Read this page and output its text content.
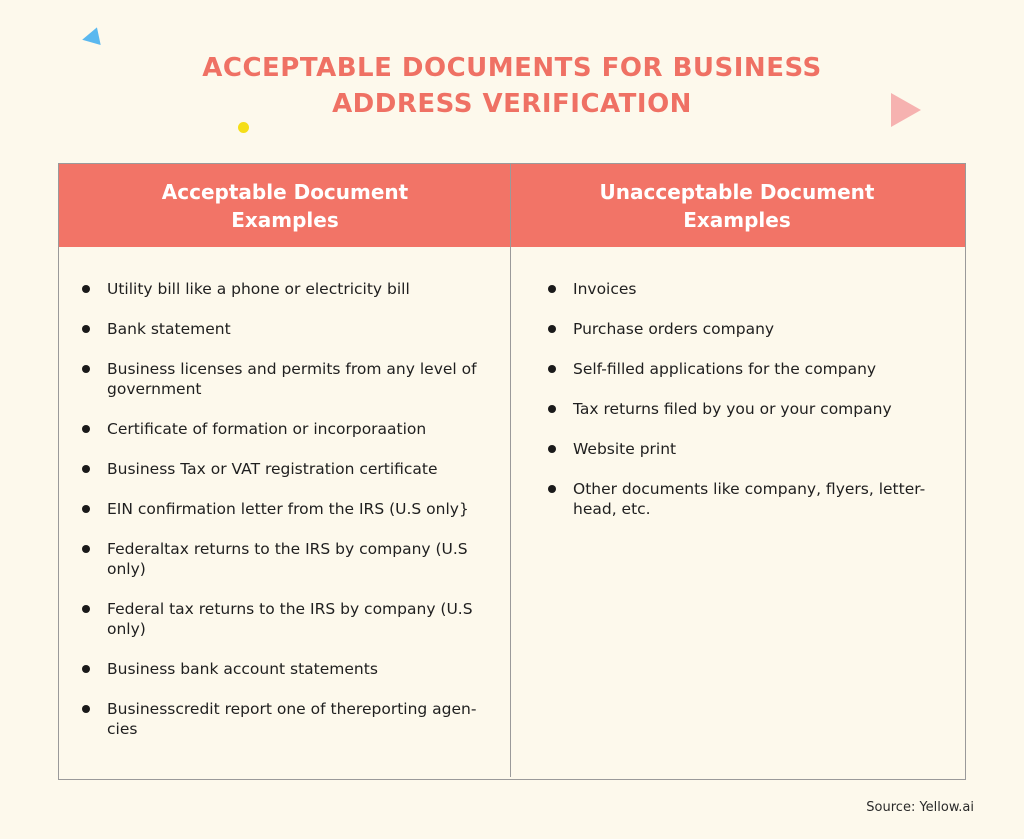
ACCEPTABLE DOCUMENTS FOR BUSINESS
ADDRESS VERIFICATION
Acceptable Document Examples
Unacceptable Document Examples
Utility bill like a phone or electricity bill
Bank statement
Business licenses and permits from any level of government
Certificate of formation or incorporaation
Business Tax or VAT registration certificate
EIN confirmation letter from the IRS (U.S only}
Federaltax returns to the IRS by company (U.S only)
Federal tax returns to the IRS by company (U.S only)
Business bank account statements
Businesscredit report one of thereporting agen- cies
Invoices
Purchase orders company
Self-filled applications for the company
Tax returns filed by you or your company
Website print
Other documents like company, flyers, letter- head, etc.
Source: Yellow.ai
